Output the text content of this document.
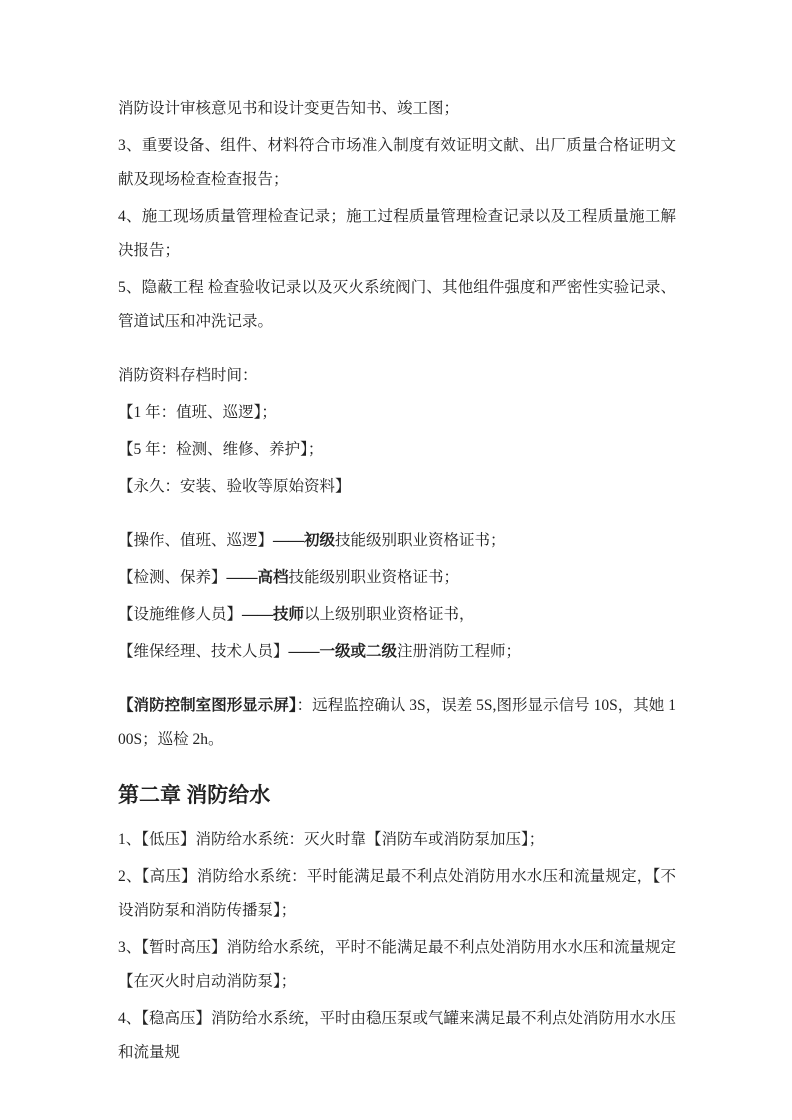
消防设计审核意见书和设计变更告知书、竣工图；

3、重要设备、组件、材料符合市场准入制度有效证明文献、出厂质量合格证明文献及现场检查检查报告；

4、施工现场质量管理检查记录；施工过程质量管理检查记录以及工程质量施工解决报告；

5、隐蔽工程 检查验收记录以及灭火系统阀门、其他组件强度和严密性实验记录、管道试压和冲洗记录。

消防资料存档时间：

【1 年：值班、巡逻】；

【5 年：检测、维修、养护】；

【永久：安装、验收等原始资料】

【操作、值班、巡逻】——初级技能级别职业资格证书；

【检测、保养】——高档技能级别职业资格证书；

【设施维修人员】——技师以上级别职业资格证书，

【维保经理、技术人员】——一级或二级注册消防工程师；

【消防控制室图形显示屏】：远程监控确认 3S，误差 5S,图形显示信号 10S，其她 100S；巡检 2h。

第二章 消防给水

1、【低压】消防给水系统：灭火时靠【消防车或消防泵加压】；

2、【高压】消防给水系统：平时能满足最不利点处消防用水水压和流量规定，【不设消防泵和消防传播泵】；

3、【暂时高压】消防给水系统，平时不能满足最不利点处消防用水水压和流量规定【在灭火时启动消防泵】；

4、【稳高压】消防给水系统，平时由稳压泵或气罐来满足最不利点处消防用水水压和流量规
